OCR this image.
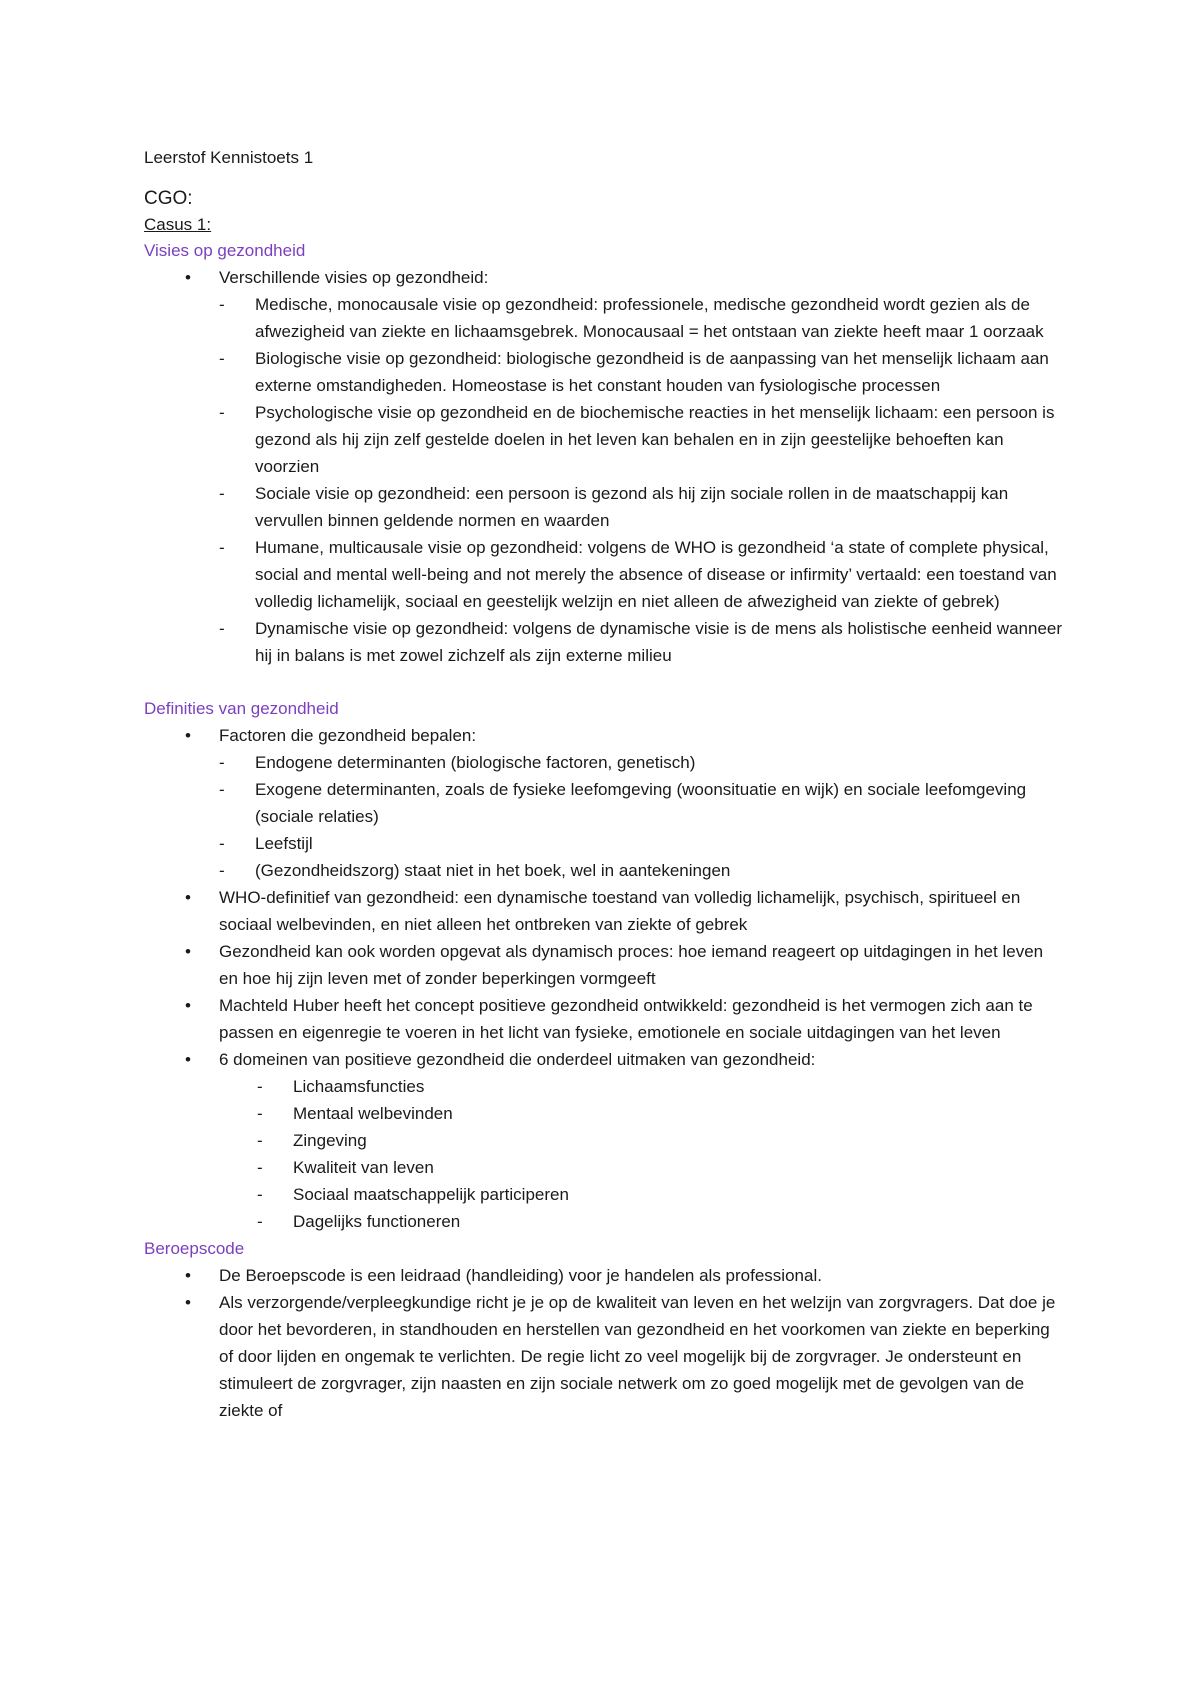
Leerstof Kennistoets 1

CGO:

Casus 1:

Visies op gezondheid

• Verschillende visies op gezondheid:
- Medische, monocausale visie op gezondheid: professionele, medische gezondheid wordt gezien als de afwezigheid van ziekte en lichaamsgebrek. Monocausaal = het ontstaan van ziekte heeft maar 1 oorzaak
- Biologische visie op gezondheid: biologische gezondheid is de aanpassing van het menselijk lichaam aan externe omstandigheden. Homeostase is het constant houden van fysiologische processen
- Psychologische visie op gezondheid en de biochemische reacties in het menselijk lichaam: een persoon is gezond als hij zijn zelf gestelde doelen in het leven kan behalen en in zijn geestelijke behoeften kan voorzien
- Sociale visie op gezondheid: een persoon is gezond als hij zijn sociale rollen in de maatschappij kan vervullen binnen geldende normen en waarden
- Humane, multicausale visie op gezondheid: volgens de WHO is gezondheid ‘a state of complete physical, social and mental well-being and not merely the absence of disease or infirmity’ vertaald: een toestand van volledig lichamelijk, sociaal en geestelijk welzijn en niet alleen de afwezigheid van ziekte of gebrek)
- Dynamische visie op gezondheid: volgens de dynamische visie is de mens als holistische eenheid wanneer hij in balans is met zowel zichzelf als zijn externe milieu

Definities van gezondheid

• Factoren die gezondheid bepalen:
- Endogene determinanten (biologische factoren, genetisch)
- Exogene determinanten, zoals de fysieke leefomgeving (woonsituatie en wijk) en sociale leefomgeving (sociale relaties)
- Leefstijl
- (Gezondheidszorg) staat niet in het boek, wel in aantekeningen
• WHO-definitief van gezondheid: een dynamische toestand van volledig lichamelijk, psychisch, spiritueel en sociaal welbevinden, en niet alleen het ontbreken van ziekte of gebrek
• Gezondheid kan ook worden opgevat als dynamisch proces: hoe iemand reageert op uitdagingen in het leven en hoe hij zijn leven met of zonder beperkingen vormgeeft
• Machteld Huber heeft het concept positieve gezondheid ontwikkeld: gezondheid is het vermogen zich aan te passen en eigenregie te voeren in het licht van fysieke, emotionele en sociale uitdagingen van het leven
• 6 domeinen van positieve gezondheid die onderdeel uitmaken van gezondheid:
- Lichaamsfuncties
- Mentaal welbevinden
- Zingeving
- Kwaliteit van leven
- Sociaal maatschappelijk participeren
- Dagelijks functioneren

Beroepscode

• De Beroepscode is een leidraad (handleiding) voor je handelen als professional.
• Als verzorgende/verpleegkundige richt je je op de kwaliteit van leven en het welzijn van zorgvragers. Dat doe je door het bevorderen, in standhouden en herstellen van gezondheid en het voorkomen van ziekte en beperking of door lijden en ongemak te verlichten. De regie licht zo veel mogelijk bij de zorgvrager. Je ondersteunt en stimuleert de zorgvrager, zijn naasten en zijn sociale netwerk om zo goed mogelijk met de gevolgen van de ziekte of
